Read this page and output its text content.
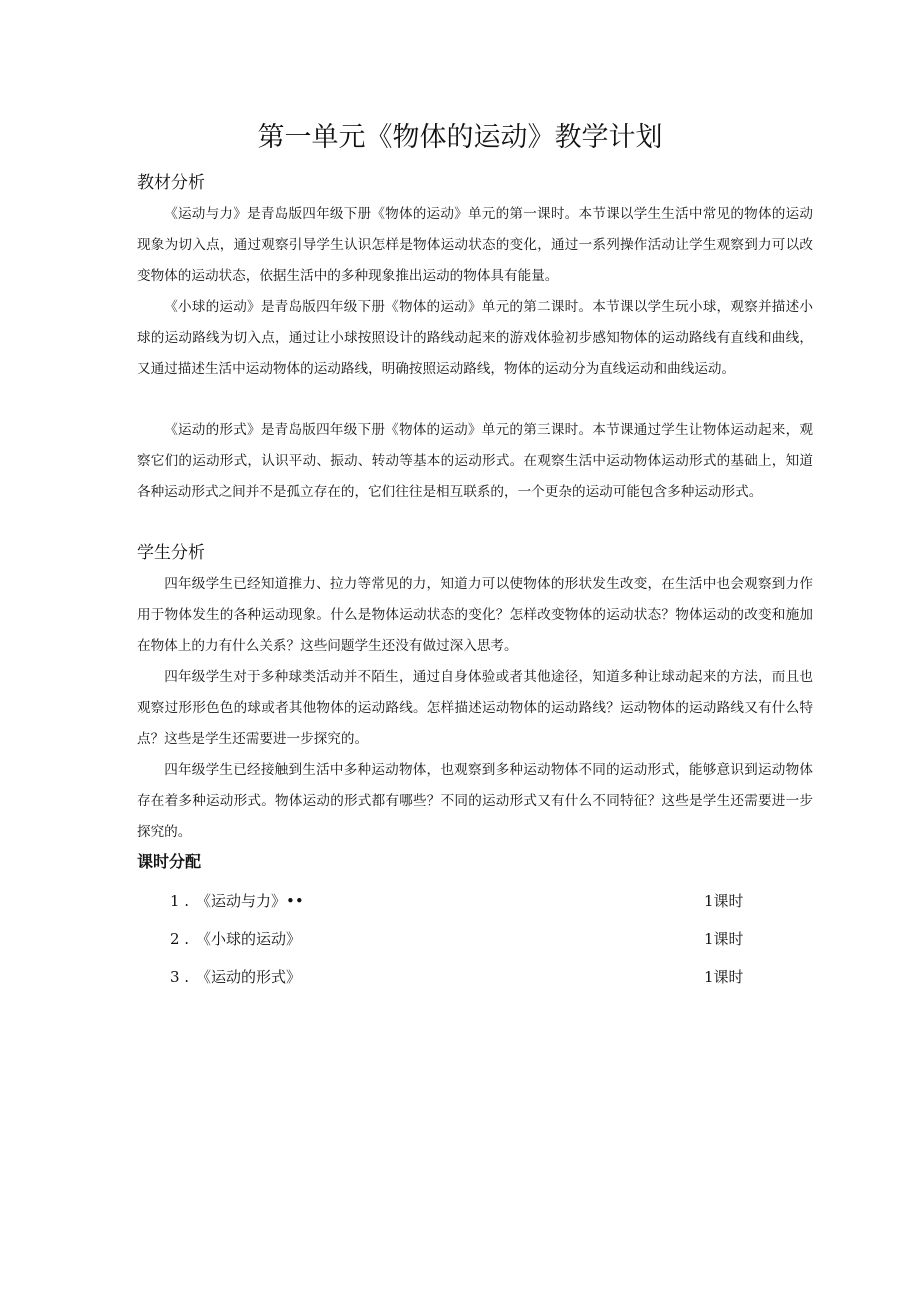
第一单元《物体的运动》教学计划
教材分析

《运动与力》是青岛版四年级下册《物体的运动》单元的第一课时。本节课以学生生活中常见的物体的运动现象为切入点，通过观察引导学生认识怎样是物体运动状态的变化，通过一系列操作活动让学生观察到力可以改变物体的运动状态，依据生活中的多种现象推出运动的物体具有能量。

《小球的运动》是青岛版四年级下册《物体的运动》单元的第二课时。本节课以学生玩小球，观察并描述小球的运动路线为切入点，通过让小球按照设计的路线动起来的游戏体验初步感知物体的运动路线有直线和曲线，又通过描述生活中运动物体的运动路线，明确按照运动路线，物体的运动分为直线运动和曲线运动。

《运动的形式》是青岛版四年级下册《物体的运动》单元的第三课时。本节课通过学生让物体运动起来，观察它们的运动形式，认识平动、振动、转动等基本的运动形式。在观察生活中运动物体运动形式的基础上，知道各种运动形式之间并不是孤立存在的，它们往往是相互联系的，一个更杂的运动可能包含多种运动形式。

学生分析

四年级学生已经知道推力、拉力等常见的力，知道力可以使物体的形状发生改变，在生活中也会观察到力作用于物体发生的各种运动现象。什么是物体运动状态的变化？怎样改变物体的运动状态？物体运动的改变和施加在物体上的力有什么关系？这些问题学生还没有做过深入思考。

四年级学生对于多种球类活动并不陌生，通过自身体验或者其他途径，知道多种让球动起来的方法，而且也观察过形形色色的球或者其他物体的运动路线。怎样描述运动物体的运动路线？运动物体的运动路线又有什么特点？这些是学生还需要进一步探究的。

四年级学生已经接触到生活中多种运动物体，也观察到多种运动物体不同的运动形式，能够意识到运动物体存在着多种运动形式。物体运动的形式都有哪些？不同的运动形式又有什么不同特征？这些是学生还需要进一步探究的。

课时分配
1 . 《运动与力》••	1课时
2 . 《小球的运动》	1课时
3 . 《运动的形式》	1课时
